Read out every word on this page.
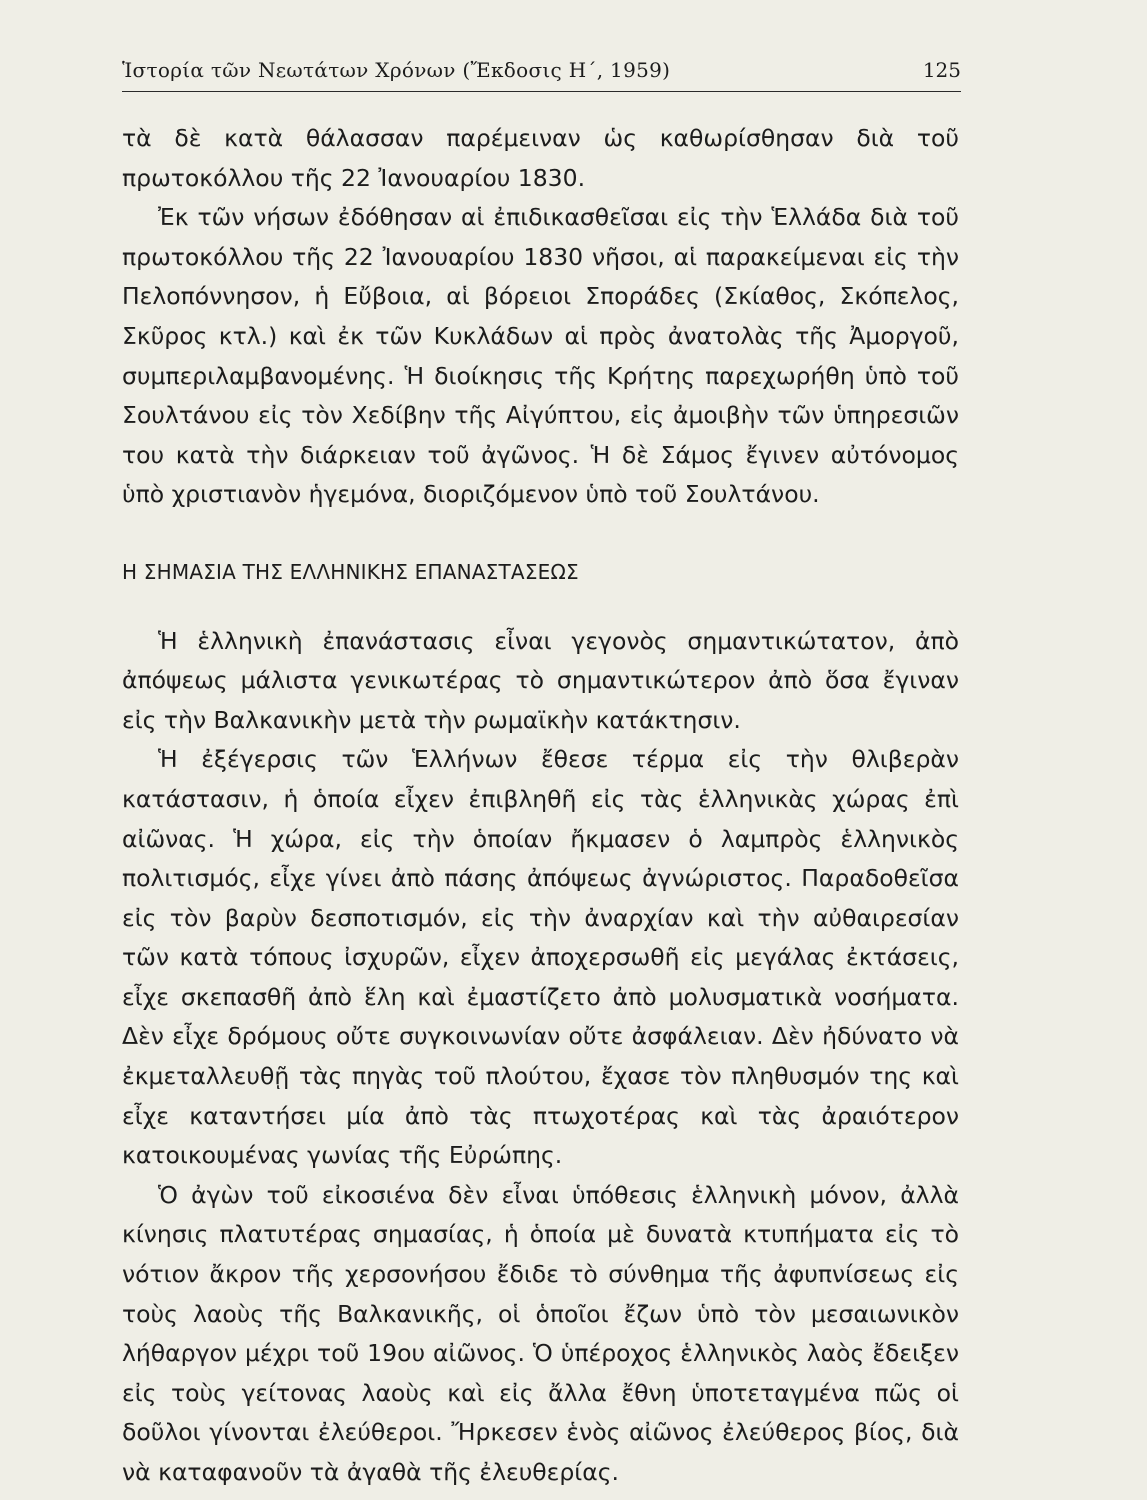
Ἱστορία τῶν Νεωτάτων Χρόνων (Ἔκδοσις Η΄, 1959)	125

τὰ δὲ κατὰ θάλασσαν παρέμειναν ὡς καθωρίσθησαν διὰ τοῦ πρωτοκόλλου τῆς 22 Ἰανουαρίου 1830.

Ἐκ τῶν νήσων ἐδόθησαν αἱ ἐπιδικασθεῖσαι εἰς τὴν Ἑλλάδα διὰ τοῦ πρωτοκόλλου τῆς 22 Ἰανουαρίου 1830 νῆσοι, αἱ παρακείμεναι εἰς τὴν Πελοπόννησον, ἡ Εὔβοια, αἱ βόρειοι Σποράδες (Σκίαθος, Σκόπελος, Σκῦρος κτλ.) καὶ ἐκ τῶν Κυκλάδων αἱ πρὸς ἀνατολὰς τῆς Ἀμοργοῦ, συμπεριλαμβανομένης. Ἡ διοίκησις τῆς Κρήτης παρεχωρήθη ὑπὸ τοῦ Σουλτάνου εἰς τὸν Χεδίβην τῆς Αἰγύπτου, εἰς ἀμοιβὴν τῶν ὑπηρεσιῶν του κατὰ τὴν διάρκειαν τοῦ ἀγῶνος. Ἡ δὲ Σάμος ἔγινεν αὐτόνομος ὑπὸ χριστιανὸν ἡγεμόνα, διοριζόμενον ὑπὸ τοῦ Σουλτάνου.

Η ΣΗΜΑΣΙΑ ΤΗΣ ΕΛΛΗΝΙΚΗΣ ΕΠΑΝΑΣΤΑΣΕΩΣ

Ἡ ἑλληνικὴ ἐπανάστασις εἶναι γεγονὸς σημαντικώτατον, ἀπὸ ἀπόψεως μάλιστα γενικωτέρας τὸ σημαντικώτερον ἀπὸ ὅσα ἔγιναν εἰς τὴν Βαλκανικὴν μετὰ τὴν ρωμαϊκὴν κατάκτησιν.

Ἡ ἐξέγερσις τῶν Ἑλλήνων ἔθεσε τέρμα εἰς τὴν θλιβερὰν κατάστασιν, ἡ ὁποία εἶχεν ἐπιβληθῆ εἰς τὰς ἑλληνικὰς χώρας ἐπὶ αἰῶνας. Ἡ χώρα, εἰς τὴν ὁποίαν ἤκμασεν ὁ λαμπρὸς ἑλληνικὸς πολιτισμός, εἶχε γίνει ἀπὸ πάσης ἀπόψεως ἀγνώριστος. Παραδοθεῖσα εἰς τὸν βαρὺν δεσποτισμόν, εἰς τὴν ἀναρχίαν καὶ τὴν αὐθαιρεσίαν τῶν κατὰ τόπους ἰσχυρῶν, εἶχεν ἀποχερσωθῆ εἰς μεγάλας ἐκτάσεις, εἶχε σκεπασθῆ ἀπὸ ἕλη καὶ ἐμαστίζετο ἀπὸ μολυσματικὰ νοσήματα. Δὲν εἶχε δρόμους οὔτε συγκοινωνίαν οὔτε ἀσφάλειαν. Δὲν ἠδύνατο νὰ ἐκμεταλλευθῇ τὰς πηγὰς τοῦ πλούτου, ἔχασε τὸν πληθυσμόν της καὶ εἶχε καταντήσει μία ἀπὸ τὰς πτωχοτέρας καὶ τὰς ἀραιότερον κατοικουμένας γωνίας τῆς Εὐρώπης.

Ὁ ἀγὼν τοῦ εἰκοσιένα δὲν εἶναι ὑπόθεσις ἑλληνικὴ μόνον, ἀλλὰ κίνησις πλατυτέρας σημασίας, ἡ ὁποία μὲ δυνατὰ κτυπήματα εἰς τὸ νότιον ἄκρον τῆς χερσονήσου ἔδιδε τὸ σύνθημα τῆς ἀφυπνίσεως εἰς τοὺς λαοὺς τῆς Βαλκανικῆς, οἱ ὁποῖοι ἔζων ὑπὸ τὸν μεσαιωνικὸν λήθαργον μέχρι τοῦ 19ου αἰῶνος. Ὁ ὑπέροχος ἑλληνικὸς λαὸς ἔδειξεν εἰς τοὺς γείτονας λαοὺς καὶ εἰς ἄλλα ἔθνη ὑποτεταγμένα πῶς οἱ δοῦλοι γίνονται ἐλεύθεροι. Ἤρκεσεν ἑνὸς αἰῶνος ἐλεύθερος βίος, διὰ νὰ καταφανοῦν τὰ ἀγαθὰ τῆς ἐλευθερίας.
